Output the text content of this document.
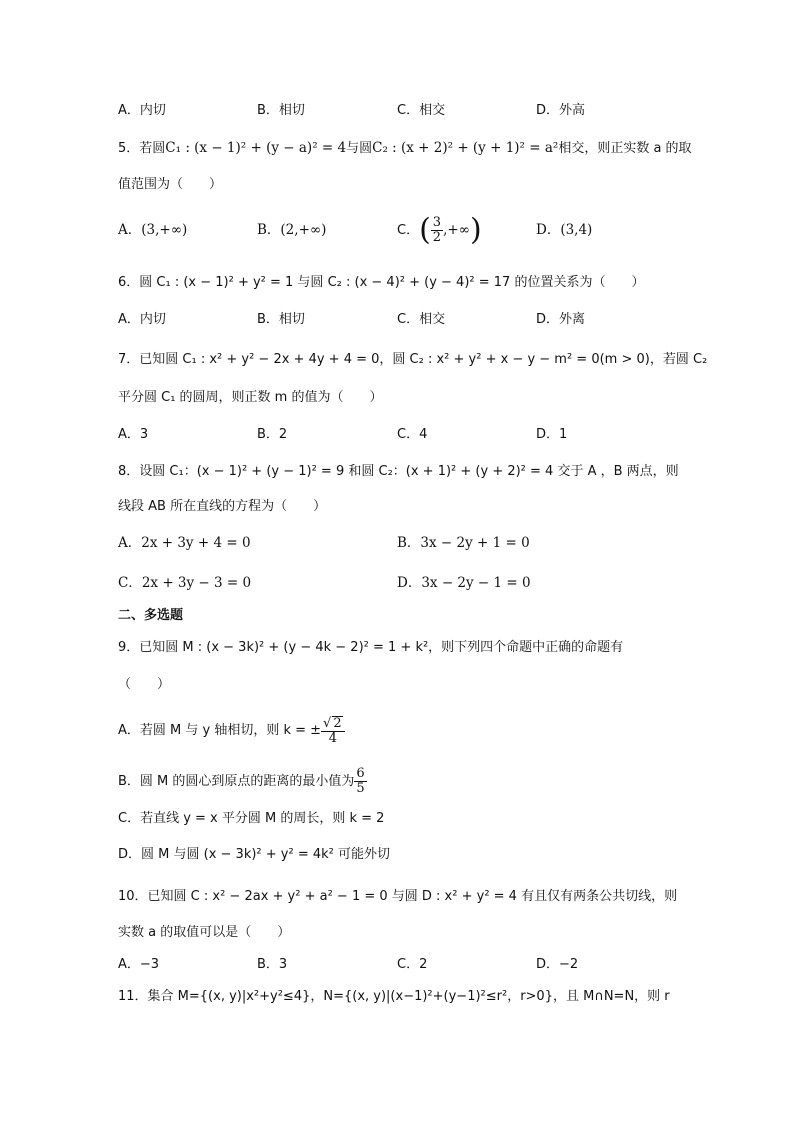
A．内切	B．相切	C．相交	D．外高
5．若圆C₁ : (x − 1)² + (y − a)² = 4与圆C₂ : (x + 2)² + (y + 1)² = a²相交，则正实数 a 的取
值范围为（　　）
A．(3,+∞)	B．(2,+∞)	C．( $\frac{3}{2}$ ,+∞)	D．(3,4)
6．圆 C₁ : (x − 1)² + y² = 1 与圆 C₂ : (x − 4)² + (y − 4)² = 17 的位置关系为（　　）
A．内切	B．相切	C．相交	D．外离
7．已知圆 C₁ : x² + y² − 2x + 4y + 4 = 0，圆 C₂ : x² + y² + x − y − m² = 0(m > 0)，若圆 C₂
平分圆 C₁ 的圆周，则正数 m 的值为（　　）
A．3	B．2	C．4	D．1
8．设圆 C₁：(x − 1)² + (y − 1)² = 9 和圆 C₂：(x + 1)² + (y + 2)² = 4 交于 A ，B 两点，则
线段 AB 所在直线的方程为（　　）
A．2x + 3y + 4 = 0	B．3x − 2y + 1 = 0
C．2x + 3y − 3 = 0	D．3x − 2y − 1 = 0
二、多选题
9．已知圆 M : (x − 3k)² + (y − 4k − 2)² = 1 + k²，则下列四个命题中正确的命题有
（　　）
A．若圆 M 与 y 轴相切，则 k = ± $\frac{√ 2}{4}$
B．圆 M 的圆心到原点的距离的最小值为 $\frac{6}{5}$
C．若直线 y = x 平分圆 M 的周长，则 k = 2
D．圆 M 与圆 (x − 3k)² + y² = 4k² 可能外切
10．已知圆 C : x² − 2ax + y² + a² − 1 = 0 与圆 D : x² + y² = 4 有且仅有两条公共切线，则
实数 a 的取值可以是（　　）
A．−3	B．3	C．2	D．−2
11．集合 M={(x, y)|x²+y²≤4}，N={(x, y)|(x−1)²+(y−1)²≤r²，r>0}，且 M∩N=N，则 r
